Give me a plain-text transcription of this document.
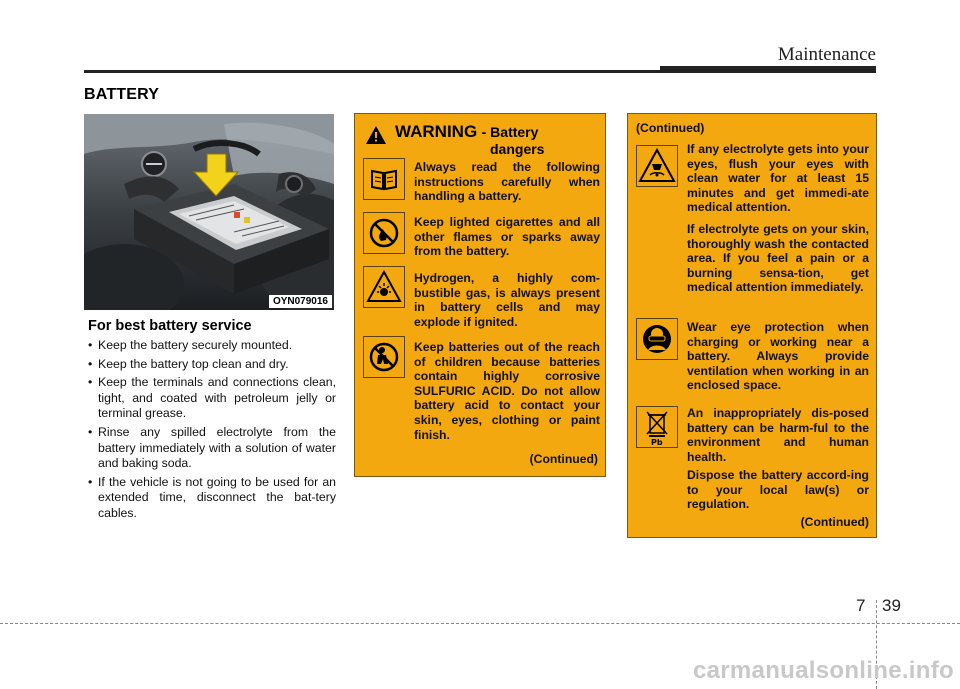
Maintenance
BATTERY
OYN079016
For best battery service
• Keep the battery securely mounted.
• Keep the battery top clean and dry.
• Keep the terminals and connections clean, tight, and coated with petroleum jelly or terminal grease.
• Rinse any spilled electrolyte from the battery immediately with a solution of water and baking soda.
• If the vehicle is not going to be used for an extended time, disconnect the bat-tery cables.
WARNING - Battery
dangers
Always read the following instructions carefully when handling a battery.
Keep lighted cigarettes and all other flames or sparks away from the battery.
Hydrogen, a highly com-bustible gas, is always present in battery cells and may explode if ignited.
Keep batteries out of the reach of children because batteries contain highly corrosive SULFURIC ACID. Do not allow battery acid to contact your skin, eyes, clothing or paint finish.
(Continued)
(Continued)
If any electrolyte gets into your eyes, flush your eyes with clean water for at least 15 minutes and get immedi-ate medical attention.
If electrolyte gets on your skin, thoroughly wash the contacted area. If you feel a pain or a burning sensa-tion, get medical attention immediately.
Wear eye protection when charging or working near a battery. Always provide ventilation when working in an enclosed space.
Pb
An inappropriately dis-posed battery can be harm-ful to the environment and human health.
Dispose the battery accord-ing to your local law(s) or regulation.
(Continued)
7 39
carmanualsonline.info
